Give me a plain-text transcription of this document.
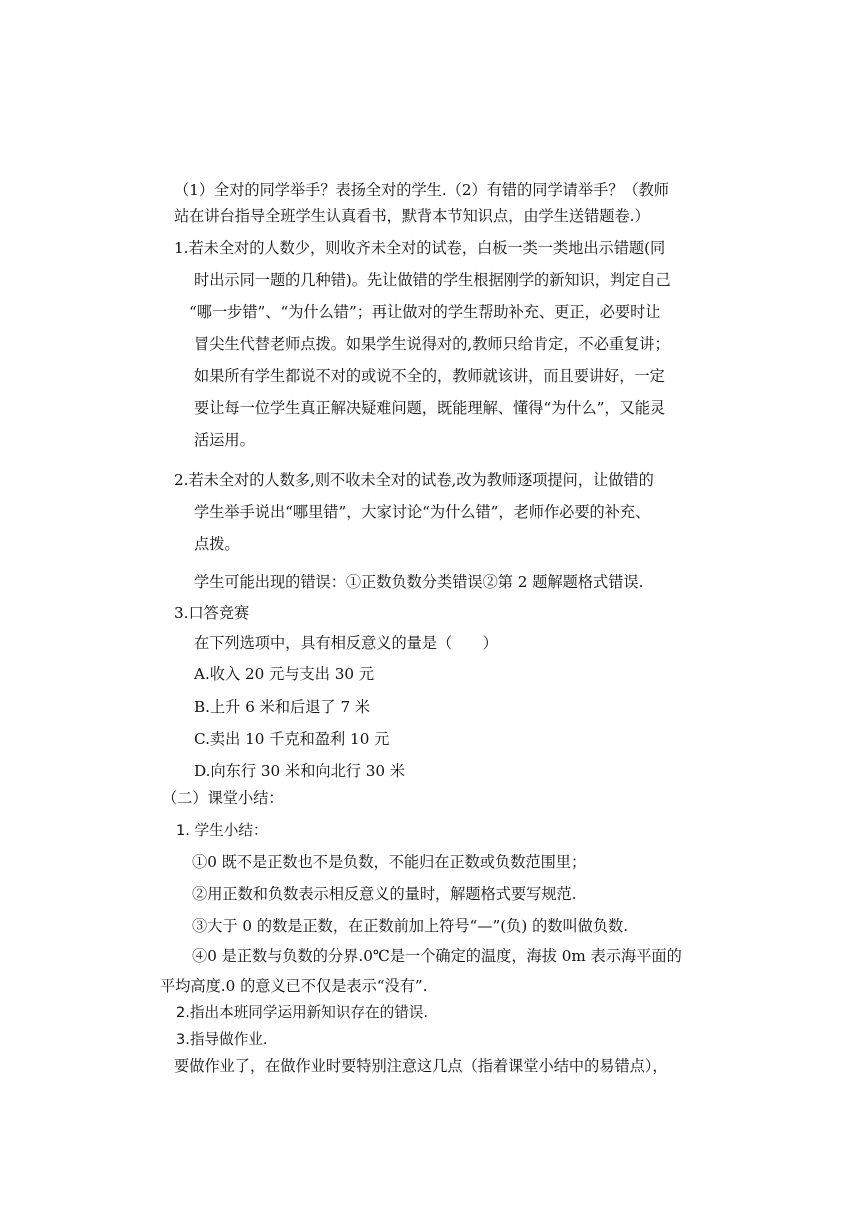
（1）全对的同学举手？表扬全对的学生.（2）有错的同学请举手？（教师
站在讲台指导全班学生认真看书，默背本节知识点，由学生送错题卷.）
1.若未全对的人数少，则收齐未全对的试卷，白板一类一类地出示错题(同
时出示同一题的几种错)。先让做错的学生根据刚学的新知识，判定自己
“哪一步错”、“为什么错”；再让做对的学生帮助补充、更正，必要时让
冒尖生代替老师点拨。如果学生说得对的,教师只给肯定，不必重复讲；
如果所有学生都说不对的或说不全的，教师就该讲，而且要讲好，一定
要让每一位学生真正解决疑难问题，既能理解、懂得“为什么”，又能灵
活运用。
2.若未全对的人数多,则不收未全对的试卷,改为教师逐项提问，让做错的
学生举手说出“哪里错”，大家讨论“为什么错”，老师作必要的补充、
点拨。
学生可能出现的错误：①正数负数分类错误②第 2 题解题格式错误.
3.口答竞赛
在下列选项中，具有相反意义的量是（　　）
A.收入 20 元与支出 30 元
B.上升 6 米和后退了 7 米
C.卖出 10 千克和盈利 10 元
D.向东行 30 米和向北行 30 米
（二）课堂小结：
1. 学生小结：
①0 既不是正数也不是负数，不能归在正数或负数范围里；
②用正数和负数表示相反意义的量时，解题格式要写规范.
③大于 0 的数是正数，在正数前加上符号“—”(负) 的数叫做负数.
④0 是正数与负数的分界.0℃是一个确定的温度，海拔 0m 表示海平面的
平均高度.0 的意义已不仅是表示“没有”.
2.指出本班同学运用新知识存在的错误.
3.指导做作业.
要做作业了，在做作业时要特别注意这几点（指着课堂小结中的易错点），
